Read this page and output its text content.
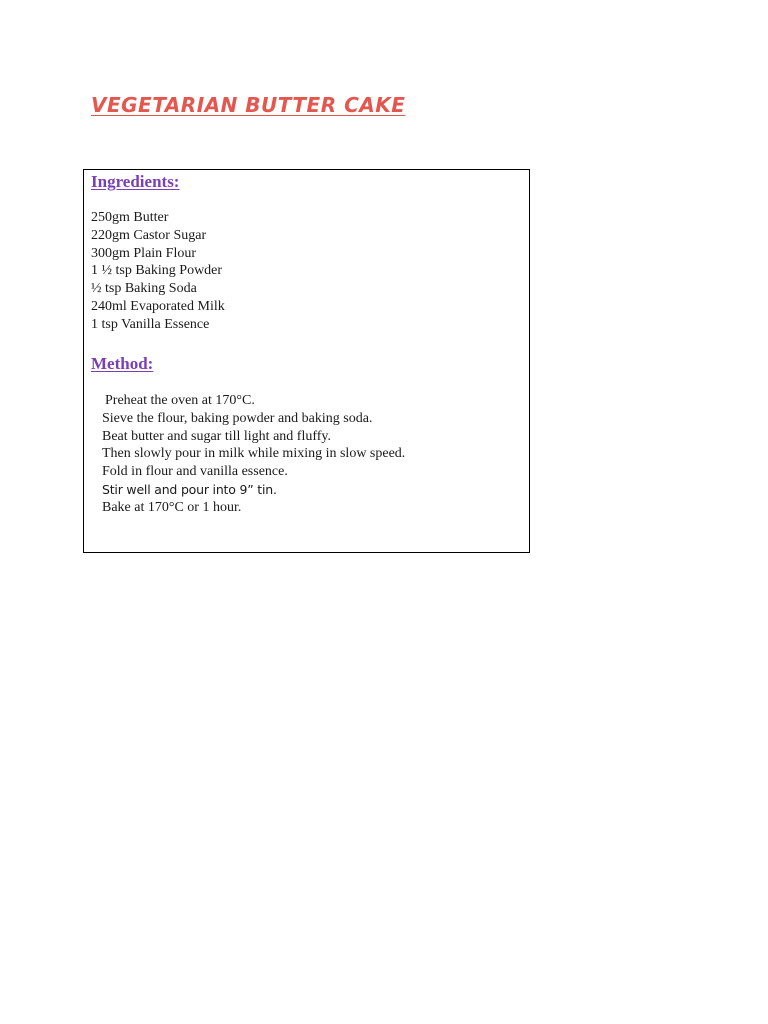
VEGETARIAN BUTTER CAKE
Ingredients:
250gm Butter
220gm Castor Sugar
300gm Plain Flour
1 ½ tsp Baking Powder
½ tsp Baking Soda
240ml Evaporated Milk
1 tsp Vanilla Essence
Method:
Preheat the oven at 170°C.
Sieve the flour, baking powder and baking soda.
Beat butter and sugar till light and fluffy.
Then slowly pour in milk while mixing in slow speed.
Fold in flour and vanilla essence.
Stir well and pour into 9” tin.
Bake at 170°C or 1 hour.
